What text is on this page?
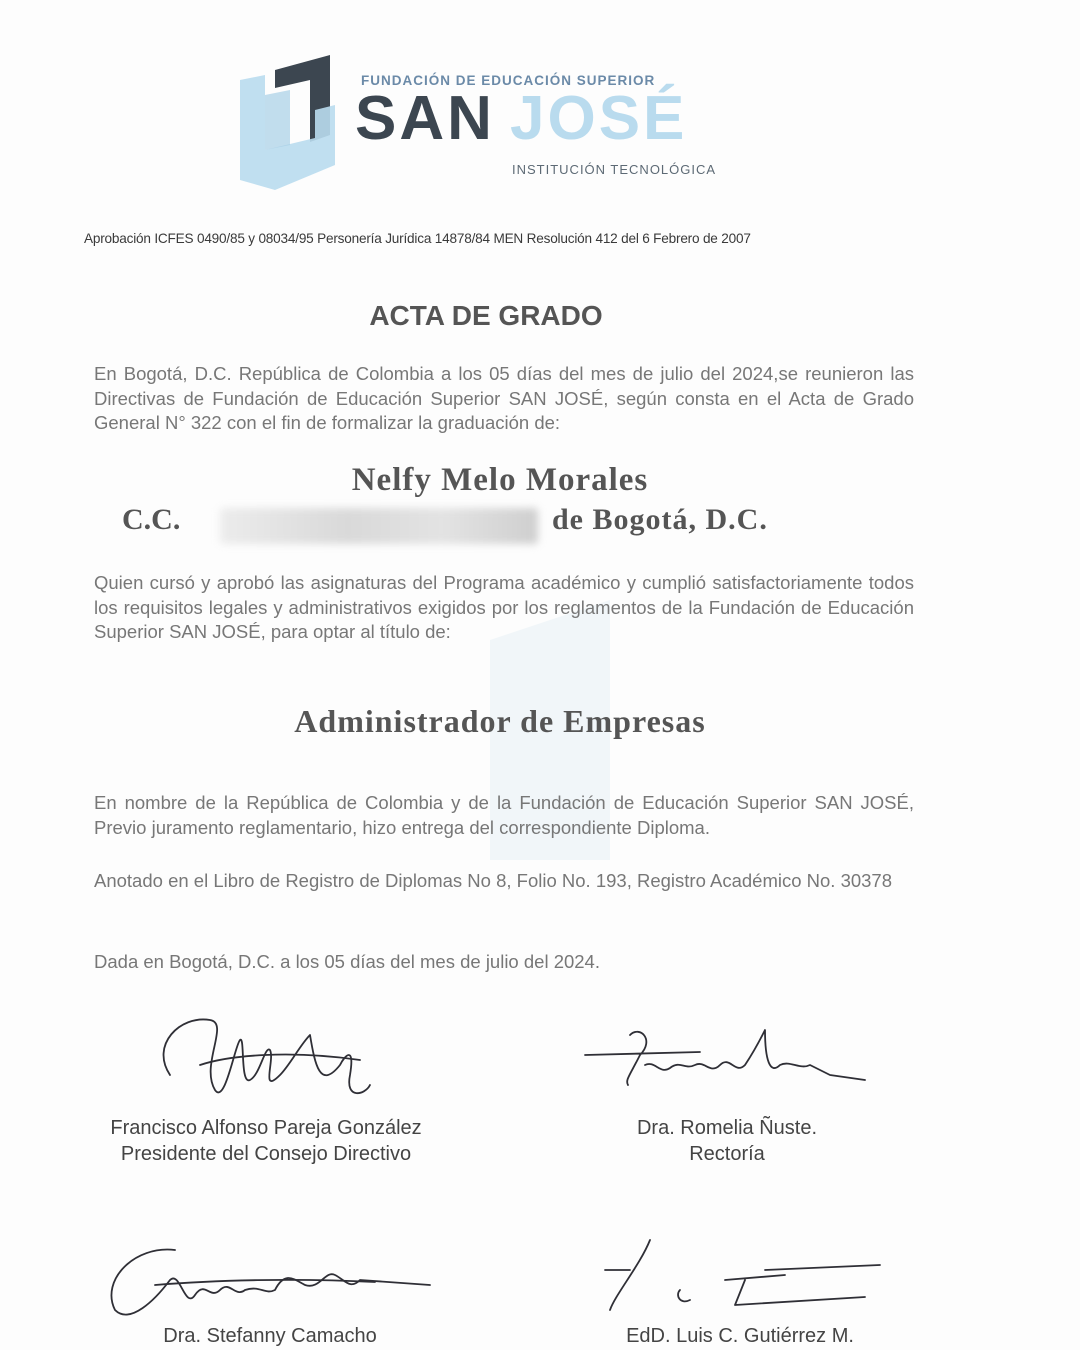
FUNDACIÓN DE EDUCACIÓN SUPERIOR
SAN JOSÉ
INSTITUCIÓN TECNOLÓGICA
Aprobación ICFES 0490/85 y 08034/95 Personería Jurídica 14878/84 MEN Resolución 412 del 6 Febrero de 2007
ACTA DE GRADO
En Bogotá, D.C. República de Colombia a los 05 días del mes de julio del 2024,se reunieron las Directivas de Fundación de Educación Superior SAN JOSÉ, según consta en el Acta de Grado General N° 322 con el fin de formalizar la graduación de:
Nelfy Melo Morales
C.C.	de Bogotá, D.C.
Quien cursó y aprobó las asignaturas del Programa académico y cumplió satisfactoriamente todos los requisitos legales y administrativos exigidos por los reglamentos de la Fundación de Educación Superior SAN JOSÉ, para optar al título de:
Administrador de Empresas
En nombre de la República de Colombia y de la Fundación de Educación Superior SAN JOSÉ, Previo juramento reglamentario, hizo entrega del correspondiente Diploma.
Anotado en el Libro de Registro de Diplomas No 8, Folio No. 193, Registro Académico No. 30378
Dada en Bogotá, D.C. a los 05 días del mes de julio del 2024.
Francisco Alfonso Pareja González
Presidente del Consejo Directivo
Dra. Romelia Ñuste.
Rectoría
Dra. Stefanny Camacho	EdD. Luis C. Gutiérrez M.
